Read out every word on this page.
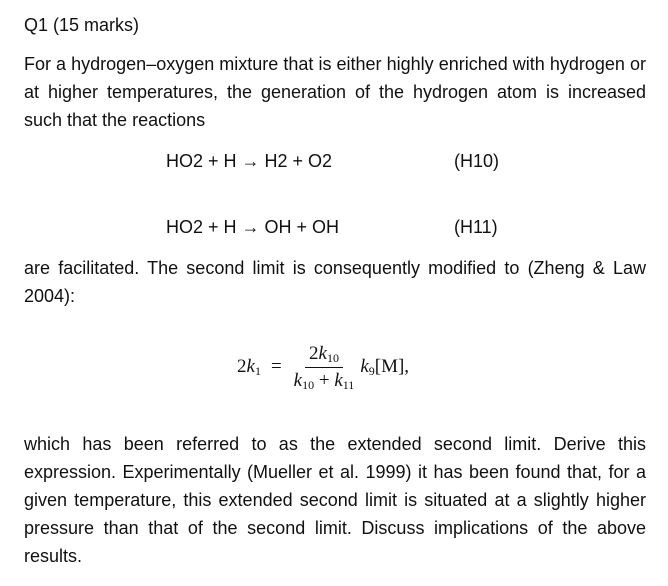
Q1 (15 marks)

For a hydrogen–oxygen mixture that is either highly enriched with hydrogen or at higher temperatures, the generation of the hydrogen atom is increased such that the reactions

HO2 + H → H2 + O2	(H10)
HO2 + H → OH + OH	(H11)

are facilitated. The second limit is consequently modified to (Zheng & Law 2004):

$2k_1 = \frac{2k_{10}}{k_{10} + k_{11}} k_9[M]$,

which has been referred to as the extended second limit. Derive this expression. Experimentally (Mueller et al. 1999) it has been found that, for a given temperature, this extended second limit is situated at a slightly higher pressure than that of the second limit. Discuss implications of the above results.
